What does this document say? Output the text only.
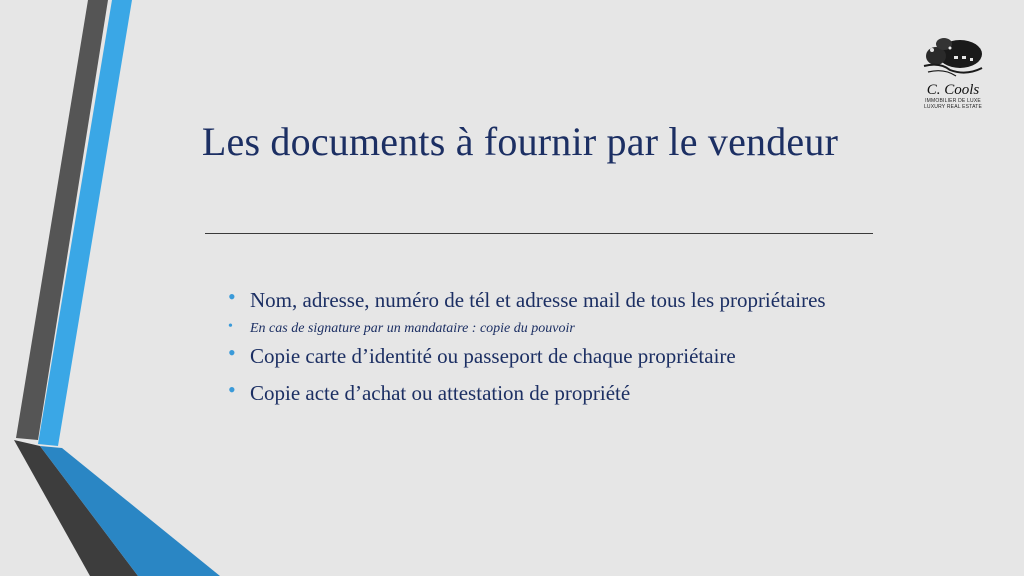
Les documents à fournir par le vendeur
• Nom, adresse, numéro de tél et adresse mail de tous les propriétaires
• En cas de signature par un mandataire : copie du pouvoir
• Copie carte d’identité ou passeport de chaque propriétaire
• Copie acte d’achat ou attestation de propriété
C. Cools
IMMOBILIER DE LUXE
LUXURY REAL ESTATE
